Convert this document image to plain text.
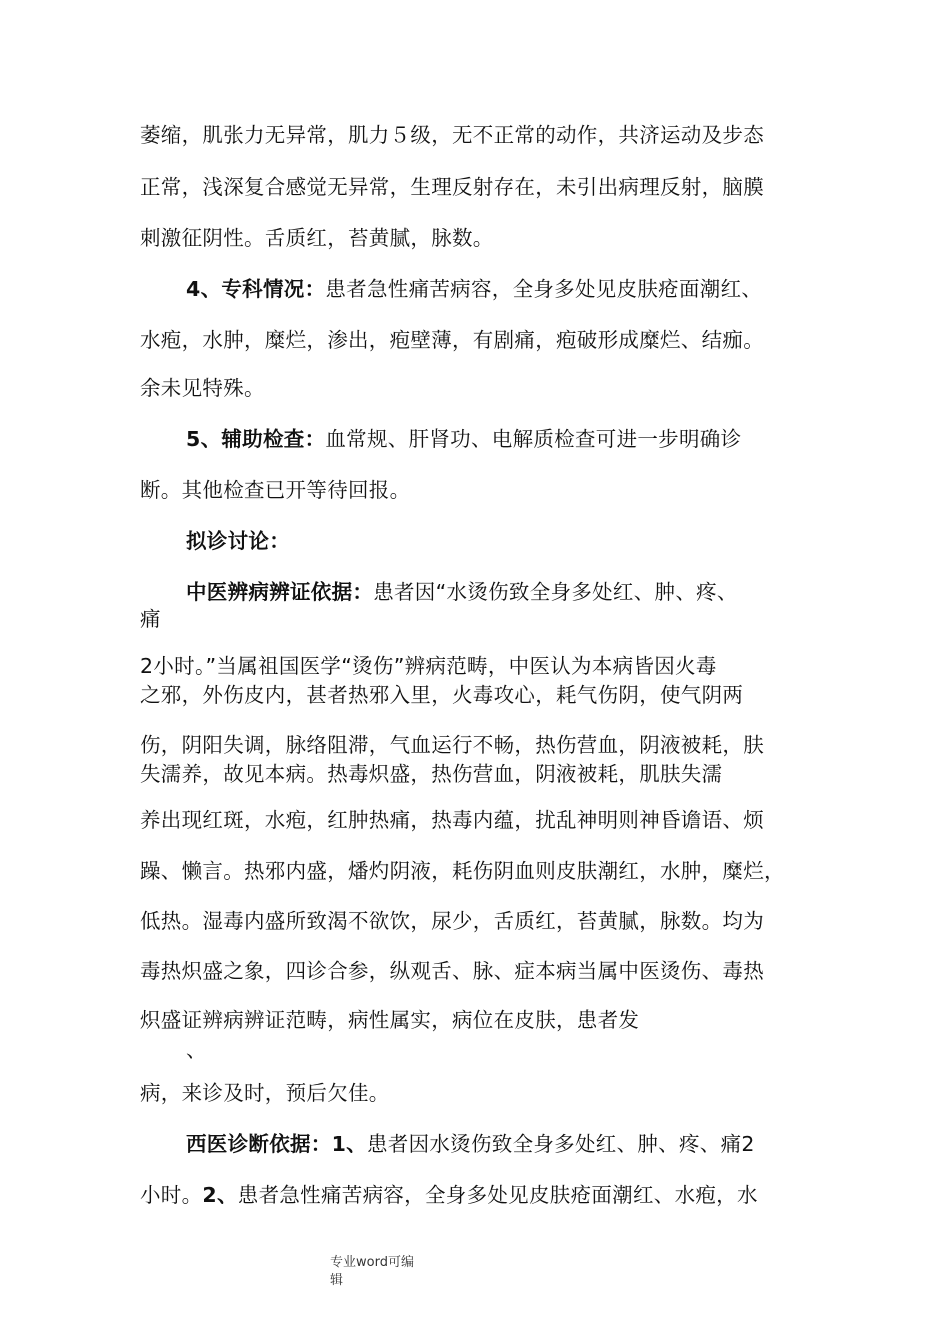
萎缩，肌张力无异常，肌力５级，无不正常的动作，共济运动及步态
正常，浅深复合感觉无异常，生理反射存在，未引出病理反射，脑膜
刺激征阴性。舌质红，苔黄腻，脉数。
4、专科情况：患者急性痛苦病容，全身多处见皮肤疮面潮红、
水疱，水肿，糜烂，渗出，疱壁薄，有剧痛，疱破形成糜烂、结痂。
余未见特殊。
5、辅助检查：血常规、肝肾功、电解质检查可进一步明确诊
断。其他检查已开等待回报。
拟诊讨论：
中医辨病辨证依据：患者因“水烫伤致全身多处红、肿、疼、
痛
2小时。”当属祖国医学“烫伤”辨病范畴，中医认为本病皆因火毒
之邪，外伤皮内，甚者热邪入里，火毒攻心，耗气伤阴，使气阴两
伤，阴阳失调，脉络阻滞，气血运行不畅，热伤营血，阴液被耗，肤
失濡养，故见本病。热毒炽盛，热伤营血，阴液被耗，肌肤失濡
养出现红斑，水疱，红肿热痛，热毒内蕴，扰乱神明则神昏谵语、烦
躁、懒言。热邪内盛，燔灼阴液，耗伤阴血则皮肤潮红，水肿，糜烂，
低热。湿毒内盛所致渴不欲饮，尿少，舌质红，苔黄腻，脉数。均为
毒热炽盛之象，四诊合参，纵观舌、脉、症本病当属中医烫伤、毒热
炽盛证辨病辨证范畴，病性属实，病位在皮肤，患者发
、
病，来诊及时，预后欠佳。
西医诊断依据：1、患者因水烫伤致全身多处红、肿、疼、痛2
小时。2、患者急性痛苦病容，全身多处见皮肤疮面潮红、水疱，水
专业word可编
辑
